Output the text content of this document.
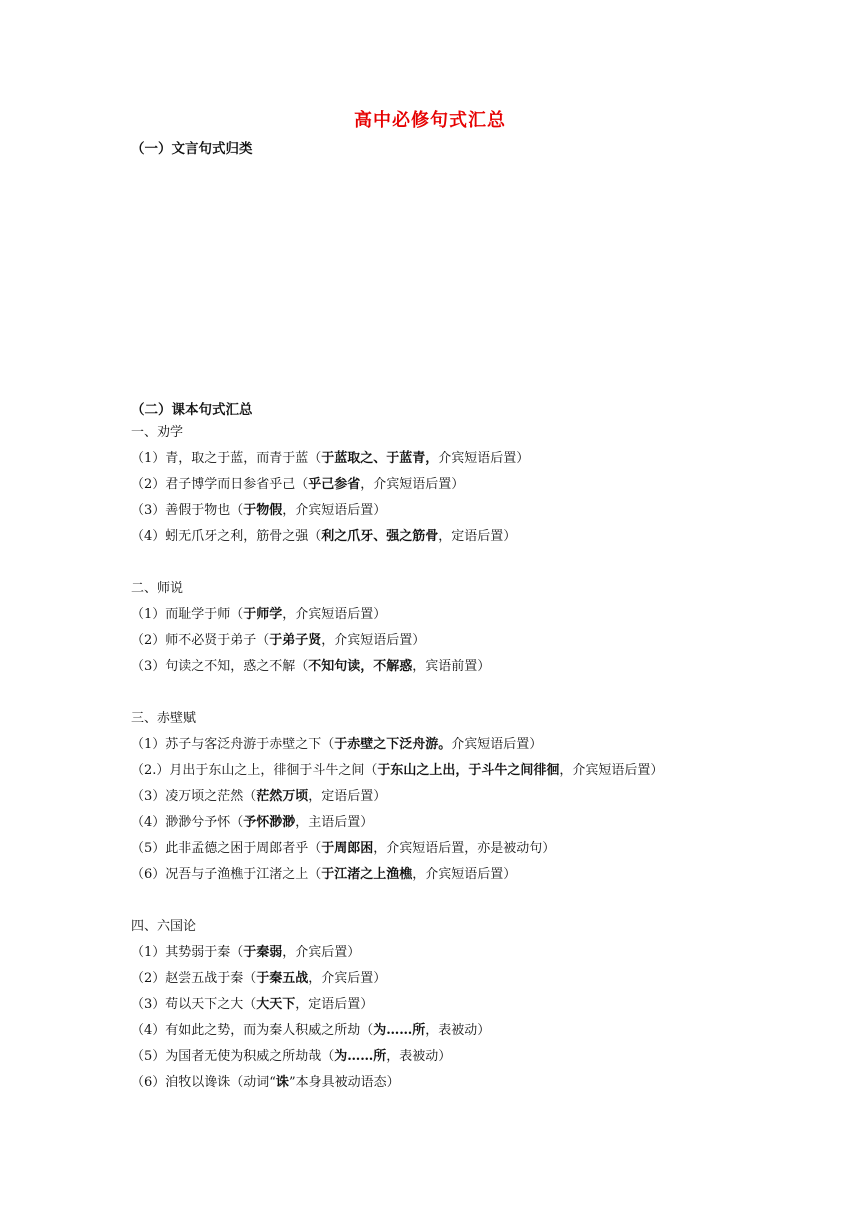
高中必修句式汇总
（一）文言句式归类
（二）课本句式汇总
一、劝学
（1）青，取之于蓝，而青于蓝（于蓝取之、于蓝青，介宾短语后置）
（2）君子博学而日参省乎己（乎己参省，介宾短语后置）
（3）善假于物也（于物假，介宾短语后置）
（4）蚓无爪牙之利，筋骨之强（利之爪牙、强之筋骨，定语后置）
二、师说
（1）而耻学于师（于师学，介宾短语后置）
（2）师不必贤于弟子（于弟子贤，介宾短语后置）
（3）句读之不知，惑之不解（不知句读，不解惑，宾语前置）
三、赤壁赋
（1）苏子与客泛舟游于赤壁之下（于赤壁之下泛舟游。介宾短语后置）
（2.）月出于东山之上，徘徊于斗牛之间（于东山之上出，于斗牛之间徘徊，介宾短语后置）
（3）凌万顷之茫然（茫然万顷，定语后置）
（4）渺渺兮予怀（予怀渺渺，主语后置）
（5）此非孟德之困于周郎者乎（于周郎困，介宾短语后置，亦是被动句）
（6）况吾与子渔樵于江渚之上（于江渚之上渔樵，介宾短语后置）
四、六国论
（1）其势弱于秦（于秦弱，介宾后置）
（2）赵尝五战于秦（于秦五战，介宾后置）
（3）苟以天下之大（大天下，定语后置）
（4）有如此之势，而为秦人积威之所劫（为……所，表被动）
（5）为国者无使为积威之所劫哉（为……所，表被动）
（6）洎牧以谗诛（动词“诛”本身具被动语态）
